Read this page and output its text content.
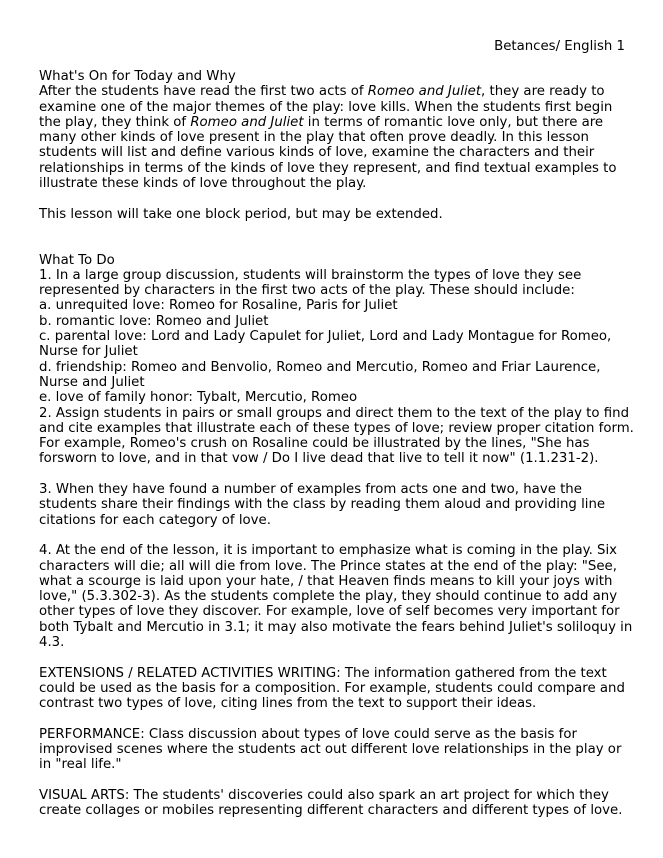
Betances/ English 1
What's On for Today and Why
After the students have read the first two acts of Romeo and Juliet, they are ready to
examine one of the major themes of the play: love kills. When the students first begin
the play, they think of Romeo and Juliet in terms of romantic love only, but there are
many other kinds of love present in the play that often prove deadly. In this lesson
students will list and define various kinds of love, examine the characters and their
relationships in terms of the kinds of love they represent, and find textual examples to
illustrate these kinds of love throughout the play.
This lesson will take one block period, but may be extended.
What To Do
1. In a large group discussion, students will brainstorm the types of love they see
represented by characters in the first two acts of the play. These should include:
a. unrequited love: Romeo for Rosaline, Paris for Juliet
b. romantic love: Romeo and Juliet
c. parental love: Lord and Lady Capulet for Juliet, Lord and Lady Montague for Romeo,
Nurse for Juliet
d. friendship: Romeo and Benvolio, Romeo and Mercutio, Romeo and Friar Laurence,
Nurse and Juliet
e. love of family honor: Tybalt, Mercutio, Romeo
2. Assign students in pairs or small groups and direct them to the text of the play to find
and cite examples that illustrate each of these types of love; review proper citation form.
For example, Romeo's crush on Rosaline could be illustrated by the lines, "She has
forsworn to love, and in that vow / Do I live dead that live to tell it now" (1.1.231-2).
3. When they have found a number of examples from acts one and two, have the
students share their findings with the class by reading them aloud and providing line
citations for each category of love.
4. At the end of the lesson, it is important to emphasize what is coming in the play. Six
characters will die; all will die from love. The Prince states at the end of the play: "See,
what a scourge is laid upon your hate, / that Heaven finds means to kill your joys with
love," (5.3.302-3). As the students complete the play, they should continue to add any
other types of love they discover. For example, love of self becomes very important for
both Tybalt and Mercutio in 3.1; it may also motivate the fears behind Juliet's soliloquy in
4.3.
EXTENSIONS / RELATED ACTIVITIES WRITING: The information gathered from the text
could be used as the basis for a composition. For example, students could compare and
contrast two types of love, citing lines from the text to support their ideas.
PERFORMANCE: Class discussion about types of love could serve as the basis for
improvised scenes where the students act out different love relationships in the play or
in "real life."
VISUAL ARTS: The students' discoveries could also spark an art project for which they
create collages or mobiles representing different characters and different types of love.
